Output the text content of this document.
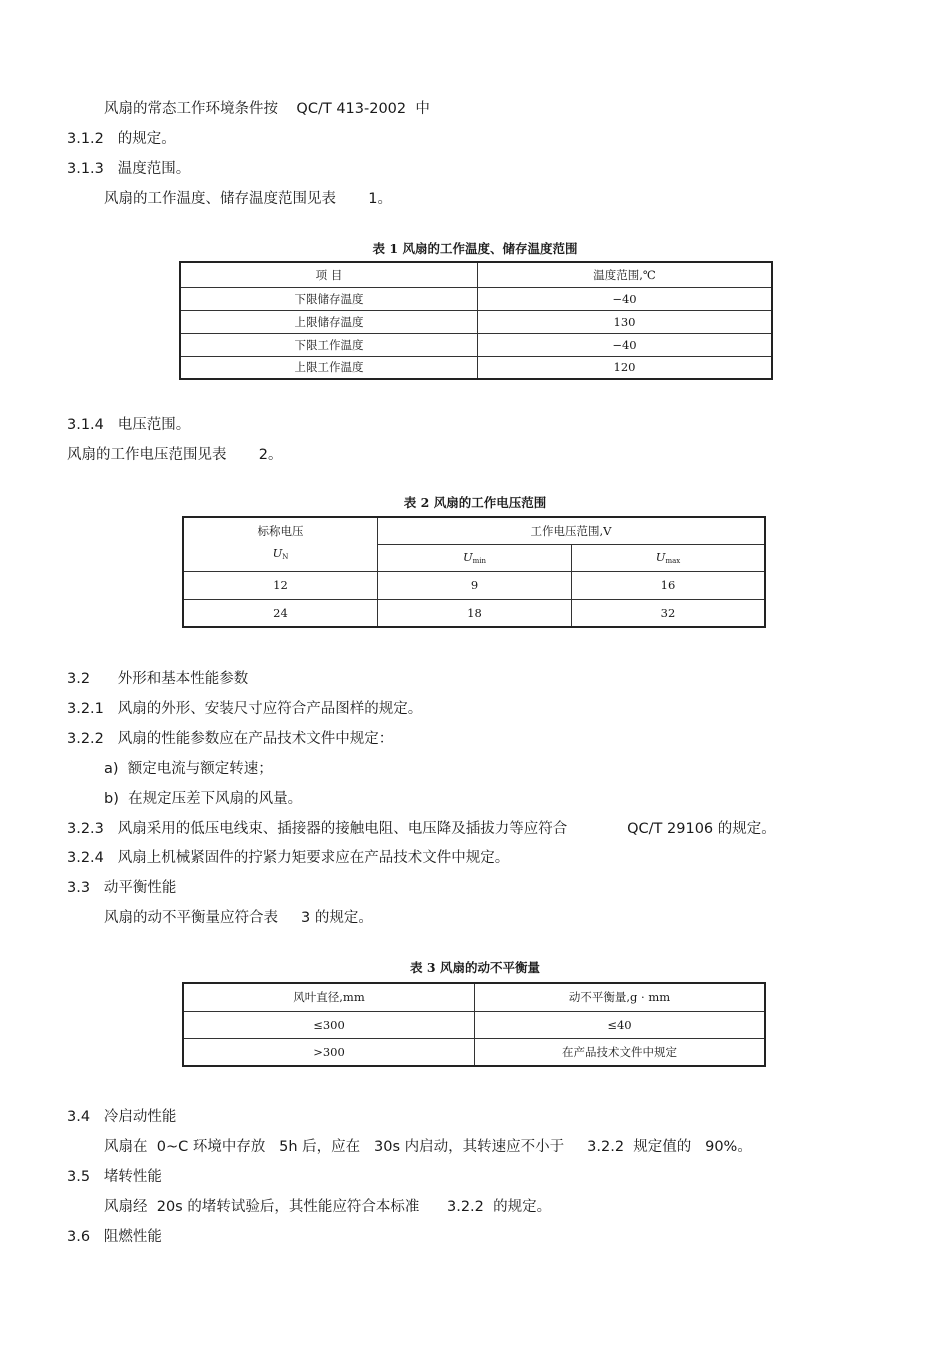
风扇的常态工作环境条件按    QC/T 413-2002  中
3.1.2   的规定。
3.1.3   温度范围。
风扇的工作温度、储存温度范围见表       1。
表 1 风扇的工作温度、储存温度范围
项 目	温度范围,℃
下限储存温度	−40
上限储存温度	130
下限工作温度	−40
上限工作温度	120
3.1.4   电压范围。
风扇的工作电压范围见表       2。
表 2 风扇的工作电压范围
标称电压
$U_N$	工作电压范围,V	
	$U_{min}$	$U_{max}$
12	9	16
24	18	32
3.2      外形和基本性能参数
3.2.1   风扇的外形、安装尺寸应符合产品图样的规定。
3.2.2   风扇的性能参数应在产品技术文件中规定：
a)  额定电流与额定转速；
b)  在规定压差下风扇的风量。
3.2.3   风扇采用的低压电线束、插接器的接触电阻、电压降及插拔力等应符合             QC/T 29106 的规定。
3.2.4   风扇上机械紧固件的拧紧力矩要求应在产品技术文件中规定。
3.3   动平衡性能
风扇的动不平衡量应符合表     3 的规定。
表 3 风扇的动不平衡量
风叶直径,mm	动不平衡量,g · mm
≤300	≤40
>300	在产品技术文件中规定
3.4   冷启动性能
风扇在  0~C 环境中存放   5h 后，应在   30s 内启动，其转速应不小于     3.2.2  规定值的   90%。
3.5   堵转性能
风扇经  20s 的堵转试验后，其性能应符合本标准      3.2.2  的规定。
3.6   阻燃性能
